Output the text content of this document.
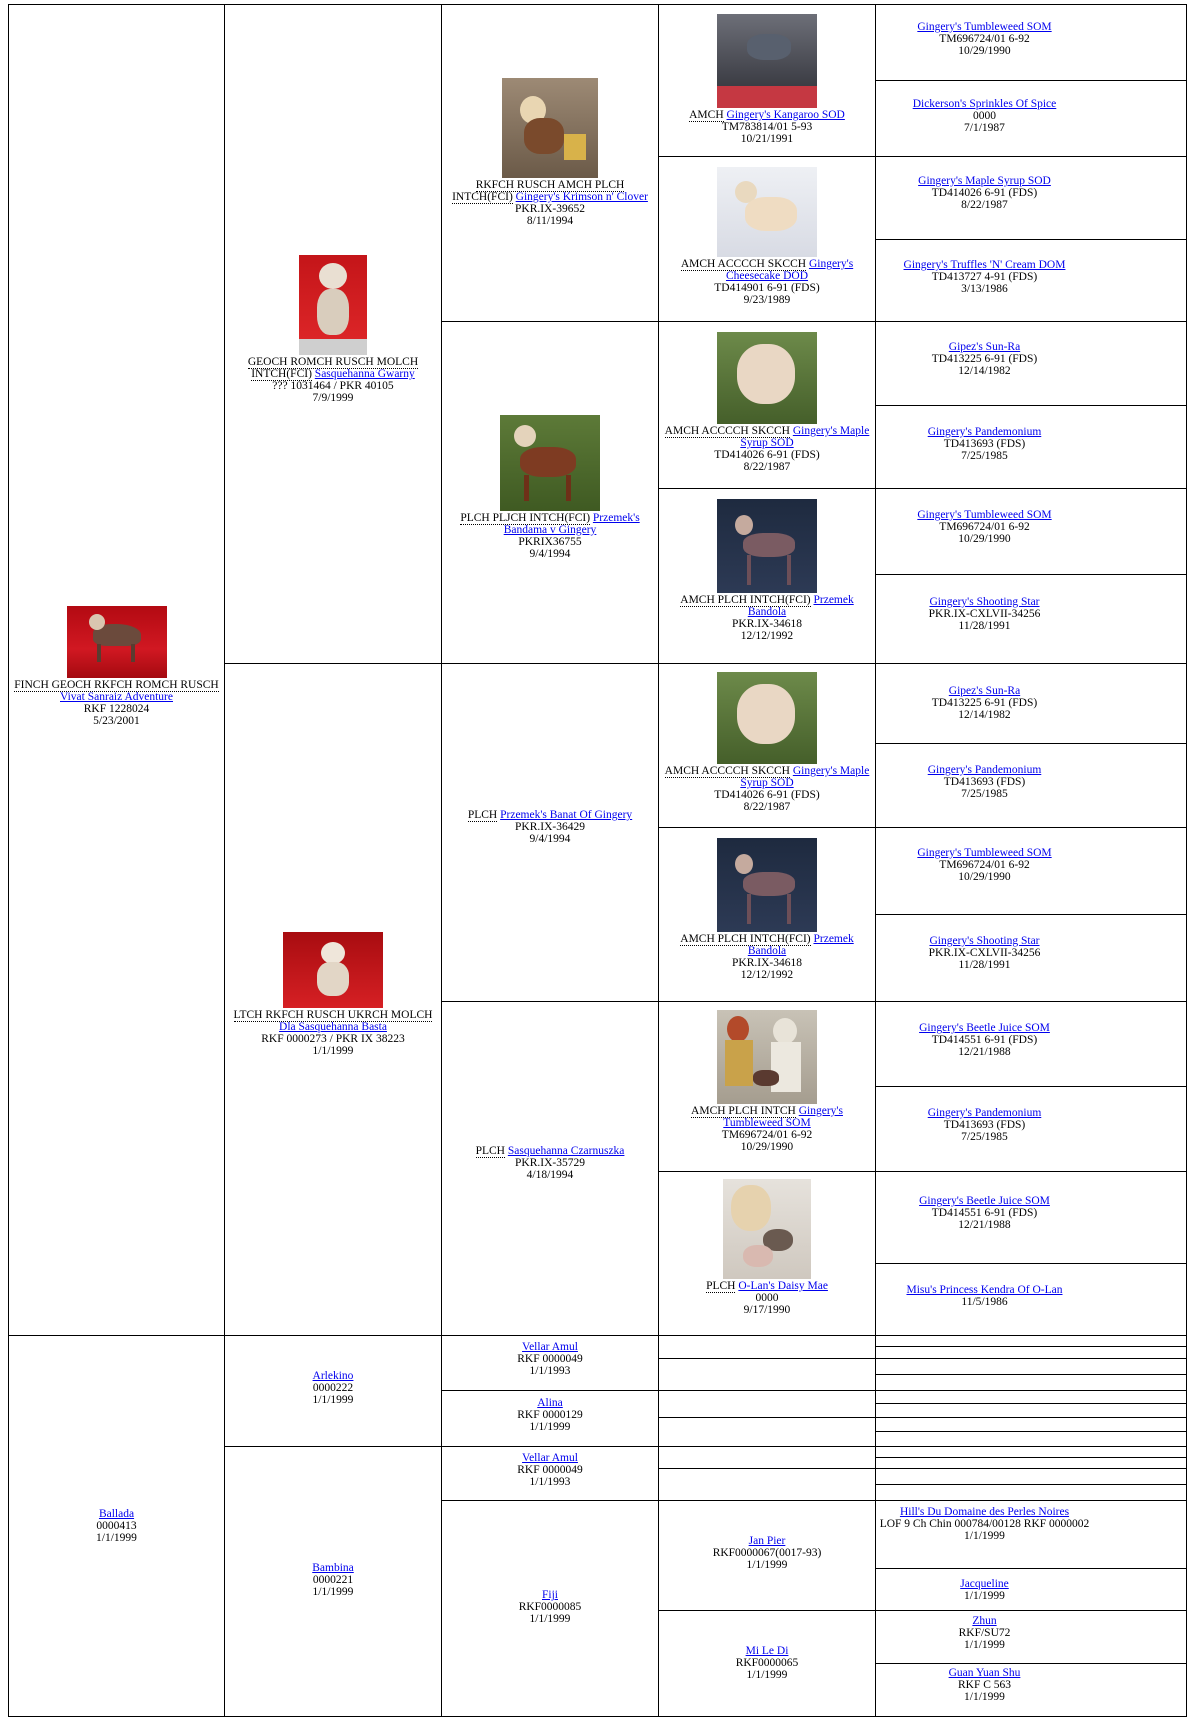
FINCH GEOCH RKFCH ROMCH RUSCH Vivat Sanraiz Adventure
RKF 1228024
5/23/2001
Ballada
0000413
1/1/1999
GEOCH ROMCH RUSCH MOLCH INTCH(FCI) Sasquehanna Gwarny
??? 1031464 / PKR 40105
7/9/1999
LTCH RKFCH RUSCH UKRCH MOLCH Dla Sasquehanna Basta
RKF 0000273 / PKR IX 38223
1/1/1999
Arlekino
0000222
1/1/1999
Bambina
0000221
1/1/1999
RKFCH RUSCH AMCH PLCH INTCH(FCI) Gingery's Krimson n' Clover
PKR.IX-39652
8/11/1994
PLCH PLJCH INTCH(FCI) Przemek's Bandama v Gingery
PKRIX36755
9/4/1994
PLCH Przemek's Banat Of Gingery
PKR.IX-36429
9/4/1994
PLCH Sasquehanna Czarnuszka
PKR.IX-35729
4/18/1994
Vellar Amul
RKF 0000049
1/1/1993
Alina
RKF 0000129
1/1/1999
Vellar Amul
RKF 0000049
1/1/1993
Fiji
RKF0000085
1/1/1999
AMCH Gingery's Kangaroo SOD
TM783814/01 5-93
10/21/1991
AMCH ACCCCH SKCCH Gingery's Cheesecake DOD
TD414901 6-91 (FDS)
9/23/1989
AMCH ACCCCH SKCCH Gingery's Maple Syrup SOD
TD414026 6-91 (FDS)
8/22/1987
AMCH PLCH INTCH(FCI) Przemek Bandola
PKR.IX-34618
12/12/1992
AMCH ACCCCH SKCCH Gingery's Maple Syrup SOD
TD414026 6-91 (FDS)
8/22/1987
AMCH PLCH INTCH(FCI) Przemek Bandola
PKR.IX-34618
12/12/1992
AMCH PLCH INTCH Gingery's Tumbleweed SOM
TM696724/01 6-92
10/29/1990
PLCH O-Lan's Daisy Mae
0000
9/17/1990
Jan Pier
RKF0000067(0017-93)
1/1/1999
Mi Le Di
RKF0000065
1/1/1999
Gingery's Tumbleweed SOM
TM696724/01 6-92
10/29/1990
Dickerson's Sprinkles Of Spice
0000
7/1/1987
Gingery's Maple Syrup SOD
TD414026 6-91 (FDS)
8/22/1987
Gingery's Truffles 'N' Cream DOM
TD413727 4-91 (FDS)
3/13/1986
Gipez's Sun-Ra
TD413225 6-91 (FDS)
12/14/1982
Gingery's Pandemonium
TD413693 (FDS)
7/25/1985
Gingery's Tumbleweed SOM
TM696724/01 6-92
10/29/1990
Gingery's Shooting Star
PKR.IX-CXLVII-34256
11/28/1991
Gipez's Sun-Ra
TD413225 6-91 (FDS)
12/14/1982
Gingery's Pandemonium
TD413693 (FDS)
7/25/1985
Gingery's Tumbleweed SOM
TM696724/01 6-92
10/29/1990
Gingery's Shooting Star
PKR.IX-CXLVII-34256
11/28/1991
Gingery's Beetle Juice SOM
TD414551 6-91 (FDS)
12/21/1988
Gingery's Pandemonium
TD413693 (FDS)
7/25/1985
Gingery's Beetle Juice SOM
TD414551 6-91 (FDS)
12/21/1988
Misu's Princess Kendra Of O-Lan
11/5/1986
Hill's Du Domaine des Perles Noires
LOF 9 Ch Chin 000784/00128 RKF 0000002
1/1/1999
Jacqueline
1/1/1999
Zhun
RKF/SU72
1/1/1999
Guan Yuan Shu
RKF C 563
1/1/1999
